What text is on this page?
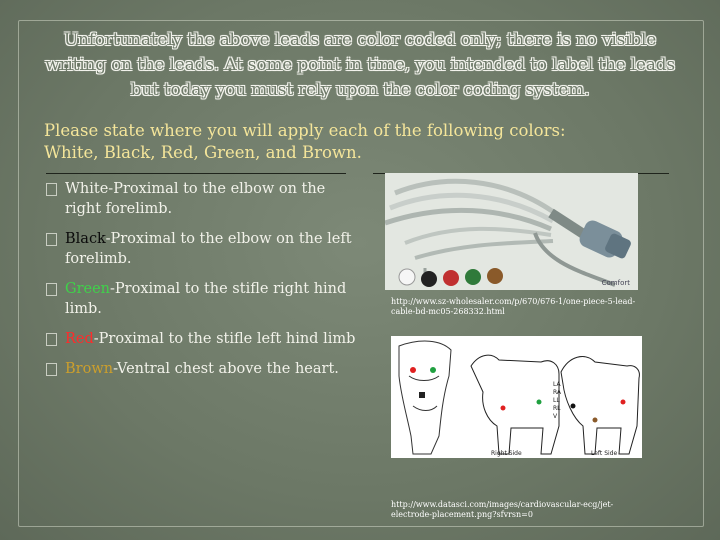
Unfortunately the above leads are color coded only; there is no visible
writing on the leads. At some point in time, you intended to label the leads
but today you must rely upon the color coding system.
Please state where you will apply each of the following colors:
White, Black, Red, Green, and Brown.
White-Proximal to the elbow on the right forelimb.
Black-Proximal to the elbow on the left forelimb.
Green-Proximal to the stifle right hind limb.
Red-Proximal to the stifle left hind limb
Brown-Ventral chest above the heart.
Comfort
http://www.sz-wholesaler.com/p/670/676-1/one-piece-5-lead-cable-bd-mc05-268332.html
LA
RA
LL
RL
V
Right Side	Left Side
http://www.datasci.com/images/cardiovascular-ecg/jet-electrode-placement.png?sfvrsn=0
